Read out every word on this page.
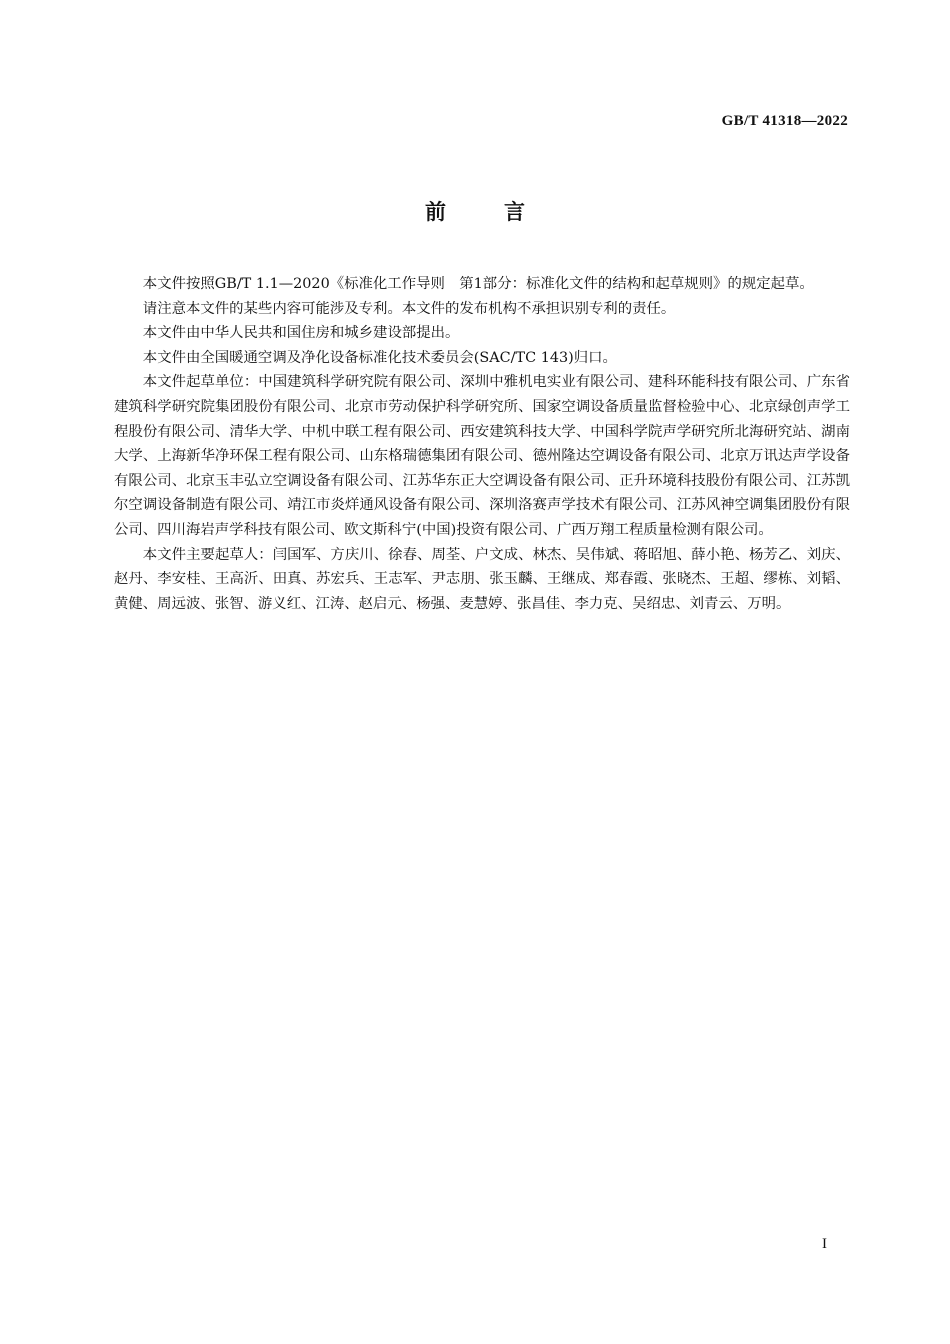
GB/T 41318—2022
前言

本文件按照GB/T 1.1—2020《标准化工作导则　第1部分：标准化文件的结构和起草规则》的规定起草。

请注意本文件的某些内容可能涉及专利。本文件的发布机构不承担识别专利的责任。

本文件由中华人民共和国住房和城乡建设部提出。

本文件由全国暖通空调及净化设备标准化技术委员会(SAC/TC 143)归口。

本文件起草单位：中国建筑科学研究院有限公司、深圳中雅机电实业有限公司、建科环能科技有限公司、广东省建筑科学研究院集团股份有限公司、北京市劳动保护科学研究所、国家空调设备质量监督检验中心、北京绿创声学工程股份有限公司、清华大学、中机中联工程有限公司、西安建筑科技大学、中国科学院声学研究所北海研究站、湖南大学、上海新华净环保工程有限公司、山东格瑞德集团有限公司、德州隆达空调设备有限公司、北京万讯达声学设备有限公司、北京玉丰弘立空调设备有限公司、江苏华东正大空调设备有限公司、正升环境科技股份有限公司、江苏凯尔空调设备制造有限公司、靖江市炎烊通风设备有限公司、深圳洛赛声学技术有限公司、江苏风神空调集团股份有限公司、四川海岩声学科技有限公司、欧文斯科宁(中国)投资有限公司、广西万翔工程质量检测有限公司。

本文件主要起草人：闫国军、方庆川、徐春、周荃、户文成、林杰、吴伟斌、蒋昭旭、薛小艳、杨芳乙、刘庆、赵丹、李安桂、王高沂、田真、苏宏兵、王志军、尹志朋、张玉麟、王继成、郑春霞、张晓杰、王超、缪栋、刘韬、黄健、周远波、张智、游义红、江涛、赵启元、杨强、麦慧婷、张昌佳、李力克、吴绍忠、刘青云、万明。

I
